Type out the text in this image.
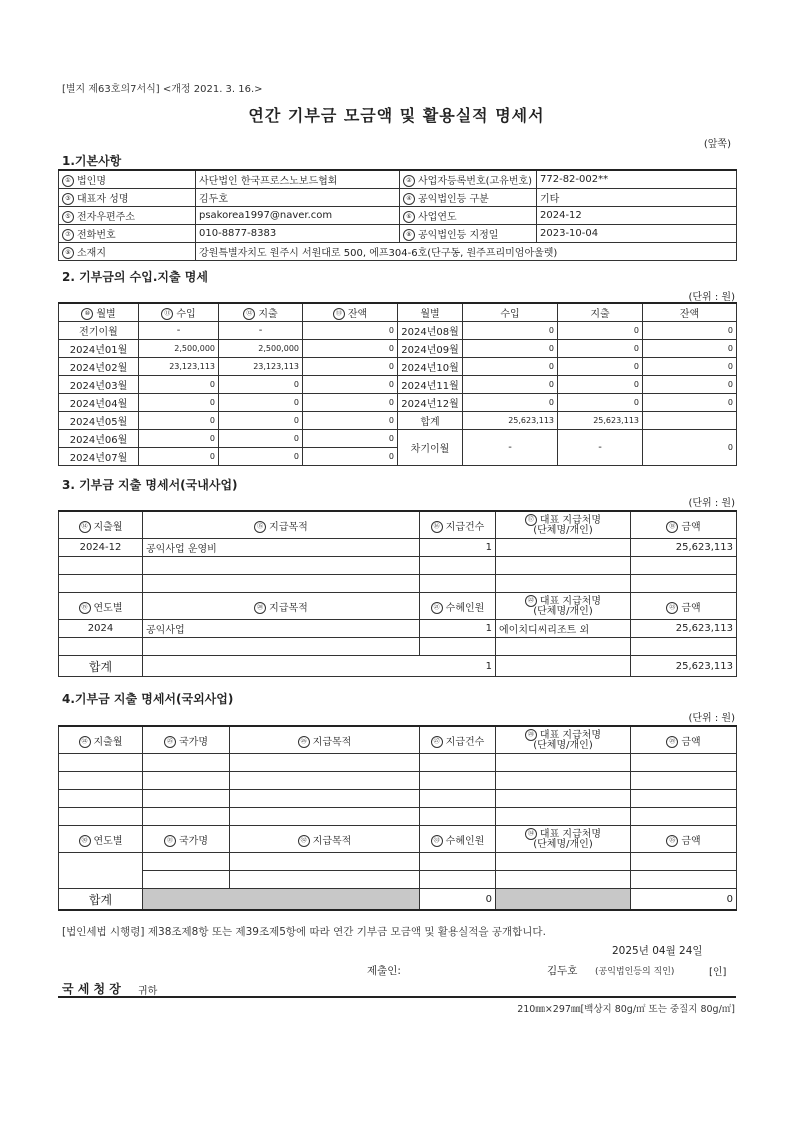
[별지 제63호의7서식] <개정 2021. 3. 16.>
연간 기부금 모금액 및 활용실적 명세서
(앞쪽)
1.기본사항
① 법인명	사단법인 한국프로스노보드협회	② 사업자등록번호(고유번호)	772-82-002**
③ 대표자 성명	김두호	④ 공익법인등 구분	기타
⑤ 전자우편주소	psakorea1997@naver.com	⑥ 사업연도	2024-12
⑦ 전화번호	010-8877-8383	⑧ 공익법인등 지정일	2023-10-04
⑨ 소재지	강원특별자치도 원주시 서원대로 500, 에프304-6호(단구동, 원주프리미엄아울렛)		
2. 기부금의 수입.지출 명세
(단위 : 원)
⑩ 월별	⑪ 수입	⑫ 지출	⑬ 잔액	월별	수입	지출	잔액
전기이월	-	-	0	2024년08월	0	0	0
2024년01월	2,500,000	2,500,000	0	2024년09월	0	0	0
2024년02월	23,123,113	23,123,113	0	2024년10월	0	0	0
2024년03월	0	0	0	2024년11월	0	0	0
2024년04월	0	0	0	2024년12월	0	0	0
2024년05월	0	0	0	합계	25,623,113	25,623,113	
2024년06월	0	0	0	차기이월	-	-	0
2024년07월	0	0	0				
3. 기부금 지출 명세서(국내사업)
(단위 : 원)
⑭ 지출월	⑮ 지급목적	⑯ 지급건수	⑰ 대표 지급처명
(단체명/개인)	⑱ 금액
2024-12	공익사업 운영비	1		25,623,113

⑲ 연도별	⑳ 지급목적	㉑ 수혜인원	㉒ 대표 지급처명
(단체명/개인)	㉓ 금액
2024	공익사업	1	에이치디씨리조트 외	25,623,113

합계	1			25,623,113
4.기부금 지출 명세서(국외사업)
(단위 : 원)
㉔ 지출월	㉕ 국가명	㉖ 지급목적	㉗ 지급건수	㉘ 대표 지급처명
(단체명/개인)	㉙ 금액

㉚ 연도별	㉛ 국가명	㉜ 지급목적	㉝ 수혜인원	㉞ 대표 지급처명
(단체명/개인)	㉟ 금액

합계			0		0
[법인세법 시행령] 제38조제8항 또는 제39조제5항에 따라 연간 기부금 모금액 및 활용실적을 공개합니다.
2025년 04월 24일
제출인:	김두호 (공익법인등의 직인)	[인]
국 세 청 장 귀하
210㎜×297㎜[백상지 80g/㎡ 또는 중질지 80g/㎡]
